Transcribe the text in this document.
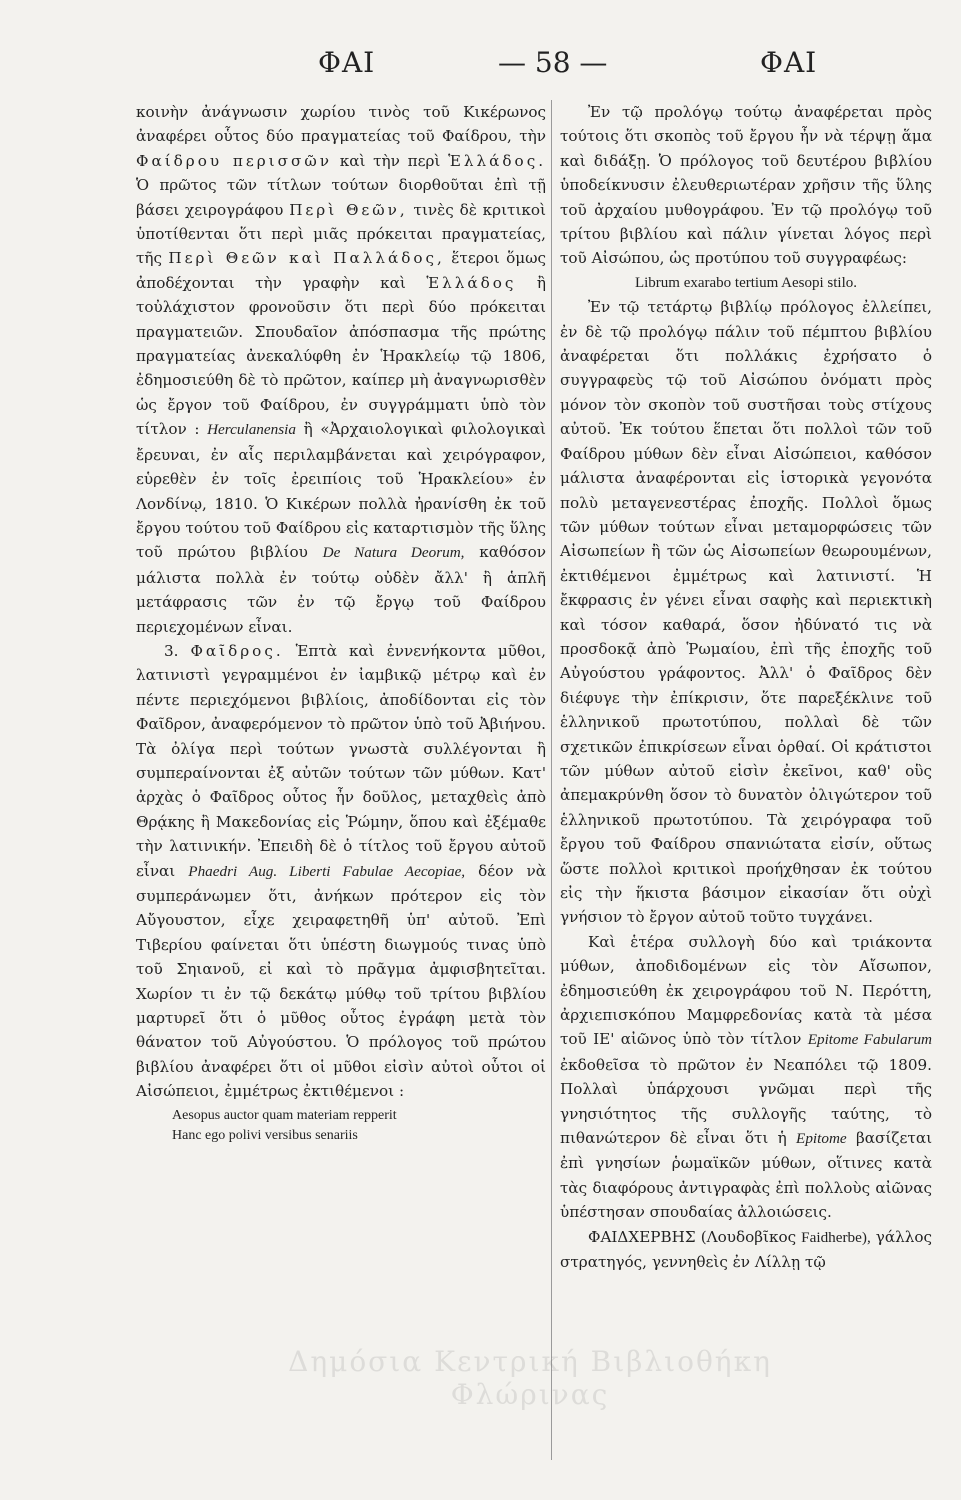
ΦΑΙ	— 58 —	ΦΑΙ

κοινὴν ἀνάγνωσιν χωρίου τινὸς τοῦ Κικέρωνος ἀναφέρει οὗτος δύο πραγματείας τοῦ Φαίδρου, τὴν Φαίδρου περισσῶν καὶ τὴν περὶ Ἑλλάδος. Ὁ πρῶτος τῶν τίτλων τούτων διορθοῦται ἐπὶ τῇ βάσει χειρογράφου Περὶ Θεῶν, τινὲς δὲ κριτικοὶ ὑποτίθενται ὅτι περὶ μιᾶς πρόκειται πραγματείας, τῆς Περὶ Θεῶν καὶ Παλλάδος, ἕτεροι ὅμως ἀποδέχονται τὴν γραφὴν καὶ Ἑλλάδος ἢ τοὐλάχιστον φρονοῦσιν ὅτι περὶ δύο πρόκειται πραγματειῶν. Σπουδαῖον ἀπόσπασμα τῆς πρώτης πραγματείας ἀνεκαλύφθη ἐν Ἡρακλείῳ τῷ 1806, ἐδημοσιεύθη δὲ τὸ πρῶτον, καίπερ μὴ ἀναγνωρισθὲν ὡς ἔργον τοῦ Φαίδρου, ἐν συγγράμματι ὑπὸ τὸν τίτλον : Herculanensia ἢ «Ἀρχαιολογικαὶ φιλολογικαὶ ἔρευναι, ἐν αἷς περιλαμβάνεται καὶ χειρόγραφον, εὑρεθὲν ἐν τοῖς ἐρειπίοις τοῦ Ἡρακλείου» ἐν Λονδίνῳ, 1810. Ὁ Κικέρων πολλὰ ἠρανίσθη ἐκ τοῦ ἔργου τούτου τοῦ Φαίδρου εἰς καταρτισμὸν τῆς ὕλης τοῦ πρώτου βιβλίου De Natura Deorum, καθόσον μάλιστα πολλὰ ἐν τούτῳ οὐδὲν ἄλλ' ἢ ἁπλῆ μετάφρασις τῶν ἐν τῷ ἔργῳ τοῦ Φαίδρου περιεχομένων εἶναι.

3. Φαῖδρος. Ἑπτὰ καὶ ἐννενήκοντα μῦθοι, λατινιστὶ γεγραμμένοι ἐν ἰαμβικῷ μέτρῳ καὶ ἐν πέντε περιεχόμενοι βιβλίοις, ἀποδίδονται εἰς τὸν Φαῖδρον, ἀναφερόμενον τὸ πρῶτον ὑπὸ τοῦ Ἀβιήνου. Τὰ ὀλίγα περὶ τούτων γνωστὰ συλλέγονται ἢ συμπεραίνονται ἐξ αὐτῶν τούτων τῶν μύθων. Κατ' ἀρχὰς ὁ Φαῖδρος οὗτος ἦν δοῦλος, μεταχθεὶς ἀπὸ Θρᾴκης ἢ Μακεδονίας εἰς Ῥώμην, ὅπου καὶ ἐξέμαθε τὴν λατινικήν. Ἐπειδὴ δὲ ὁ τίτλος τοῦ ἔργου αὐτοῦ εἶναι Phaedri Aug. Liberti Fabulae Aecopiae, δέον νὰ συμπεράνωμεν ὅτι, ἀνήκων πρότερον εἰς τὸν Αὔγουστον, εἶχε χειραφετηθῆ ὑπ' αὐτοῦ. Ἐπὶ Τιβερίου φαίνεται ὅτι ὑπέστη διωγμούς τινας ὑπὸ τοῦ Σηιανοῦ, εἰ καὶ τὸ πρᾶγμα ἀμφισβητεῖται. Χωρίον τι ἐν τῷ δεκάτῳ μύθῳ τοῦ τρίτου βιβλίου μαρτυρεῖ ὅτι ὁ μῦθος οὗτος ἐγράφη μετὰ τὸν θάνατον τοῦ Αὐγούστου. Ὁ πρόλογος τοῦ πρώτου βιβλίου ἀναφέρει ὅτι οἱ μῦθοι εἰσὶν αὐτοὶ οὗτοι οἱ Αἰσώπειοι, ἐμμέτρως ἐκτιθέμενοι :

Aesopus auctor quam materiam repperit
Hanc ego polivi versibus senariis

Ἐν τῷ προλόγῳ τούτῳ ἀναφέρεται πρὸς τούτοις ὅτι σκοπὸς τοῦ ἔργου ἦν νὰ τέρψῃ ἅμα καὶ διδάξῃ. Ὁ πρόλογος τοῦ δευτέρου βιβλίου ὑποδείκνυσιν ἐλευθεριωτέραν χρῆσιν τῆς ὕλης τοῦ ἀρχαίου μυθογράφου. Ἐν τῷ προλόγῳ τοῦ τρίτου βιβλίου καὶ πάλιν γίνεται λόγος περὶ τοῦ Αἰσώπου, ὡς προτύπου τοῦ συγγραφέως:

Librum exarabo tertium Aesopi stilo.

Ἐν τῷ τετάρτῳ βιβλίῳ πρόλογος ἐλλείπει, ἐν δὲ τῷ προλόγῳ πάλιν τοῦ πέμπτου βιβλίου ἀναφέρεται ὅτι πολλάκις ἐχρήσατο ὁ συγγραφεὺς τῷ τοῦ Αἰσώπου ὀνόματι πρὸς μόνον τὸν σκοπὸν τοῦ συστῆσαι τοὺς στίχους αὐτοῦ. Ἐκ τούτου ἕπεται ὅτι πολλοὶ τῶν τοῦ Φαίδρου μύθων δὲν εἶναι Αἰσώπειοι, καθόσον μάλιστα ἀναφέρονται εἰς ἱστορικὰ γεγονότα πολὺ μεταγενεστέρας ἐποχῆς. Πολλοὶ ὅμως τῶν μύθων τούτων εἶναι μεταμορφώσεις τῶν Αἰσωπείων ἢ τῶν ὡς Αἰσωπείων θεωρουμένων, ἐκτιθέμενοι ἐμμέτρως καὶ λατινιστί. Ἡ ἔκφρασις ἐν γένει εἶναι σαφὴς καὶ περιεκτικὴ καὶ τόσον καθαρά, ὅσον ἠδύνατό τις νὰ προσδοκᾷ ἀπὸ Ῥωμαίου, ἐπὶ τῆς ἐποχῆς τοῦ Αὐγούστου γράφοντος. Ἀλλ' ὁ Φαῖδρος δὲν διέφυγε τὴν ἐπίκρισιν, ὅτε παρεξέκλινε τοῦ ἑλληνικοῦ πρωτοτύπου, πολλαὶ δὲ τῶν σχετικῶν ἐπικρίσεων εἶναι ὀρθαί. Οἱ κράτιστοι τῶν μύθων αὐτοῦ εἰσὶν ἐκεῖνοι, καθ' οὓς ἀπεμακρύνθη ὅσον τὸ δυνατὸν ὀλιγώτερον τοῦ ἑλληνικοῦ πρωτοτύπου. Τὰ χειρόγραφα τοῦ ἔργου τοῦ Φαίδρου σπανιώτατα εἰσίν, οὕτως ὥστε πολλοὶ κριτικοὶ προήχθησαν ἐκ τούτου εἰς τὴν ἥκιστα βάσιμον εἰκασίαν ὅτι οὐχὶ γνήσιον τὸ ἔργον αὐτοῦ τοῦτο τυγχάνει.

Καὶ ἑτέρα συλλογὴ δύο καὶ τριάκοντα μύθων, ἀποδιδομένων εἰς τὸν Αἴσωπον, ἐδημοσιεύθη ἐκ χειρογράφου τοῦ Ν. Περόττη, ἀρχιεπισκόπου Μαμφρεδονίας κατὰ τὰ μέσα τοῦ ΙΕ' αἰῶνος ὑπὸ τὸν τίτλον Epitome Fabularum ἐκδοθεῖσα τὸ πρῶτον ἐν Νεαπόλει τῷ 1809. Πολλαὶ ὑπάρχουσι γνῶμαι περὶ τῆς γνησιότητος τῆς συλλογῆς ταύτης, τὸ πιθανώτερον δὲ εἶναι ὅτι ἡ Epitome βασίζεται ἐπὶ γνησίων ῥωμαϊκῶν μύθων, οἵτινες κατὰ τὰς διαφόρους ἀντιγραφὰς ἐπὶ πολλοὺς αἰῶνας ὑπέστησαν σπουδαίας ἀλλοιώσεις.

ΦΑΙΔΧΕΡΒΗΣ (Λουδοβῖκος Faidherbe), γάλλος στρατηγός, γεννηθεὶς ἐν Λίλλῃ τῷ

Δημόσια Κεντρική Βιβλιοθήκη Φλώρινας
